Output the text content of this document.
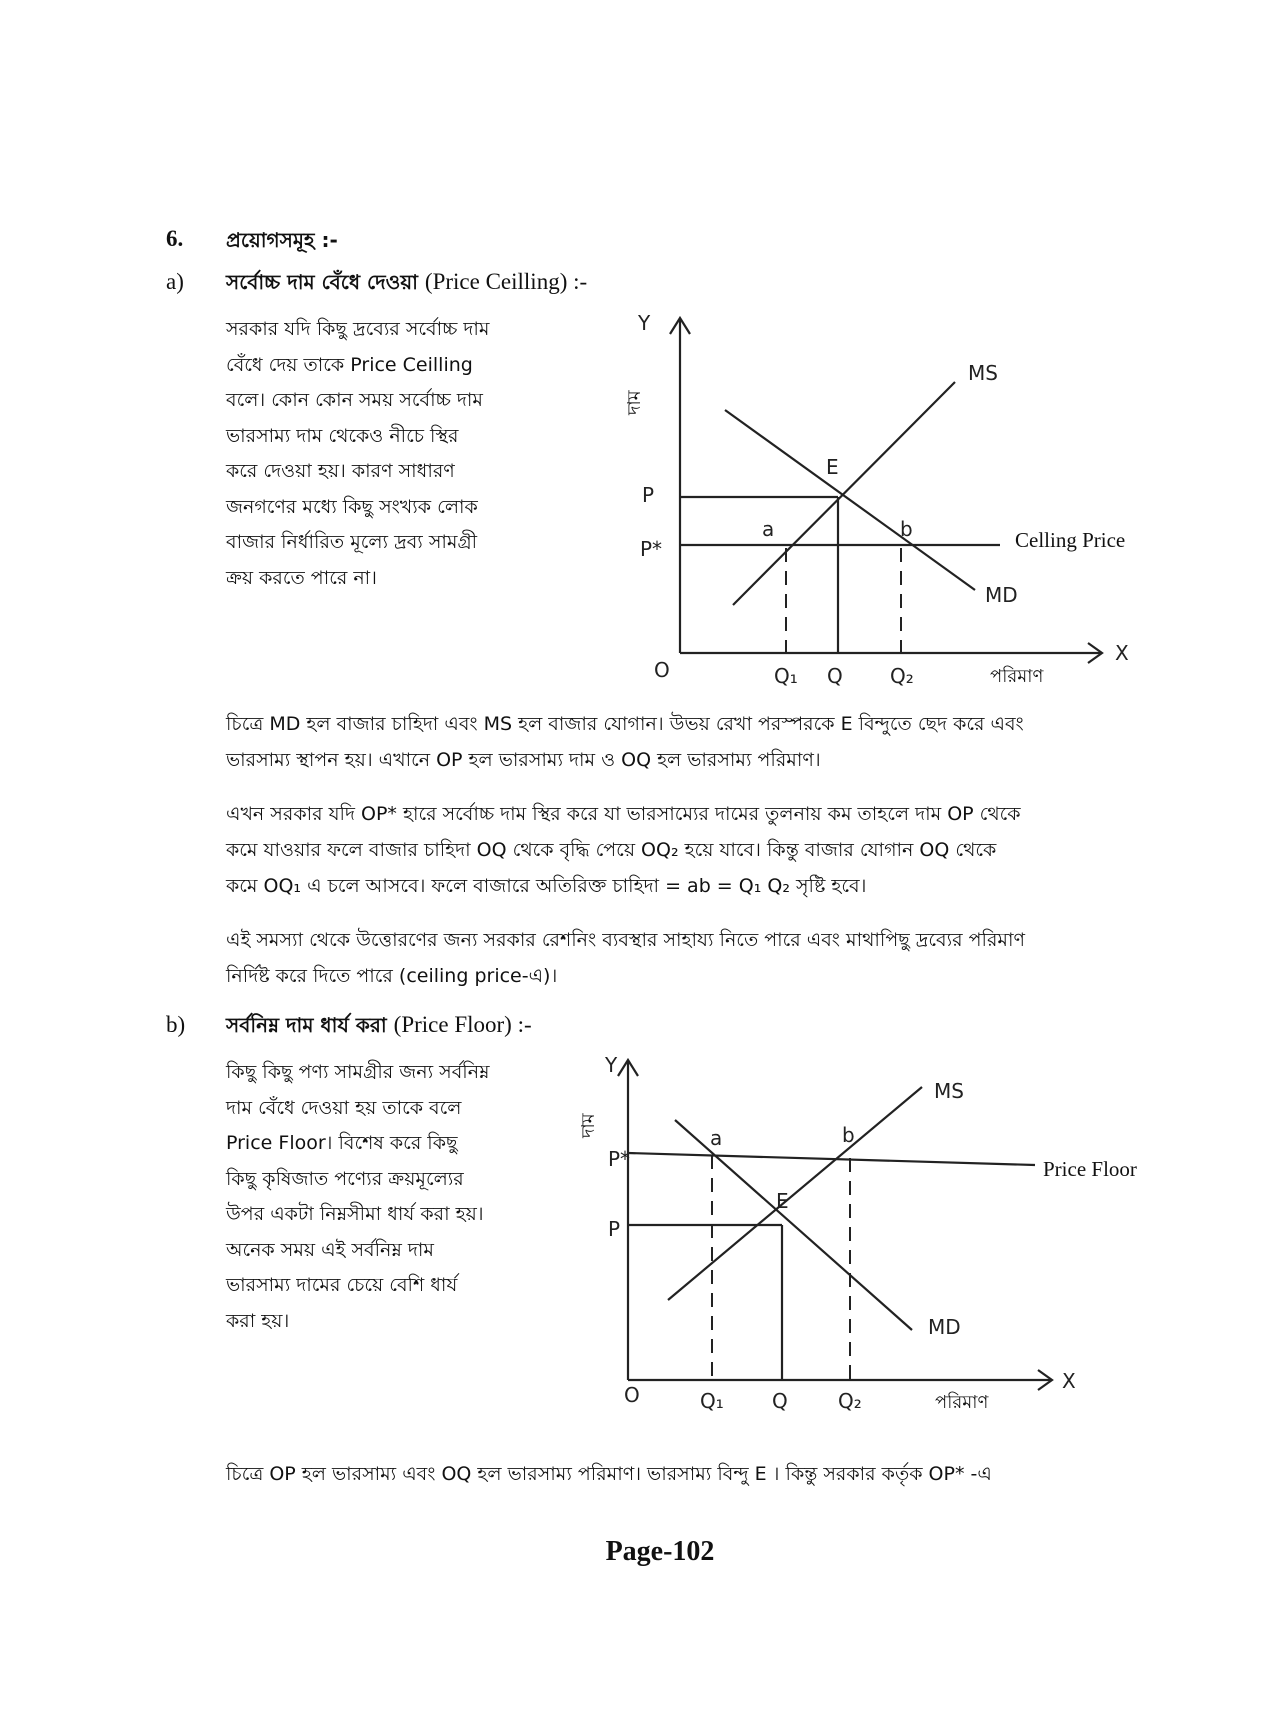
6. প্রয়োগসমূহ :-
a) সর্বোচ্চ দাম বেঁধে দেওয়া (Price Ceilling) :-
সরকার যদি কিছু দ্রব্যের সর্বোচ্চ দাম
বেঁধে দেয় তাকে Price Ceilling
বলে। কোন কোন সময় সর্বোচ্চ দাম
ভারসাম্য দাম থেকেও নীচে স্থির
করে দেওয়া হয়। কারণ সাধারণ
জনগণের মধ্যে কিছু সংখ্যক লোক
বাজার নির্ধারিত মূল্যে দ্রব্য সামগ্রী
ক্রয় করতে পারে না।
Y
X
দাম
O
MS
MD
E
P
P*
a	b
Q₁ Q Q₂	পরিমাণ
Celling Price
চিত্রে MD হল বাজার চাহিদা এবং MS হল বাজার যোগান। উভয় রেখা পরস্পরকে E বিন্দুতে ছেদ করে এবং
ভারসাম্য স্থাপন হয়। এখানে OP হল ভারসাম্য দাম ও OQ হল ভারসাম্য পরিমাণ।
এখন সরকার যদি OP* হারে সর্বোচ্চ দাম স্থির করে যা ভারসাম্যের দামের তুলনায় কম তাহলে দাম OP থেকে
কমে যাওয়ার ফলে বাজার চাহিদা OQ থেকে বৃদ্ধি পেয়ে OQ₂ হয়ে যাবে। কিন্তু বাজার যোগান OQ থেকে
কমে OQ₁ এ চলে আসবে। ফলে বাজারে অতিরিক্ত চাহিদা = ab = Q₁ Q₂ সৃষ্টি হবে।
এই সমস্যা থেকে উত্তোরণের জন্য সরকার রেশনিং ব্যবস্থার সাহায্য নিতে পারে এবং মাথাপিছু দ্রব্যের পরিমাণ
নির্দিষ্ট করে দিতে পারে (ceiling price-এ)।
b) সর্বনিম্ন দাম ধার্য করা (Price Floor) :-
কিছু কিছু পণ্য সামগ্রীর জন্য সর্বনিম্ন
দাম বেঁধে দেওয়া হয় তাকে বলে
Price Floor। বিশেষ করে কিছু
কিছু কৃষিজাত পণ্যের ক্রয়মূল্যের
উপর একটা নিম্নসীমা ধার্য করা হয়।
অনেক সময় এই সর্বনিম্ন দাম
ভারসাম্য দামের চেয়ে বেশি ধার্য
করা হয়।
Y
X
দাম
O
MS
MD
E
P*
P
a	b
Q₁ Q	Q₂	পরিমাণ
Price Floor
চিত্রে OP হল ভারসাম্য এবং OQ হল ভারসাম্য পরিমাণ। ভারসাম্য বিন্দু E । কিন্তু সরকার কর্তৃক OP* -এ
Page-102
